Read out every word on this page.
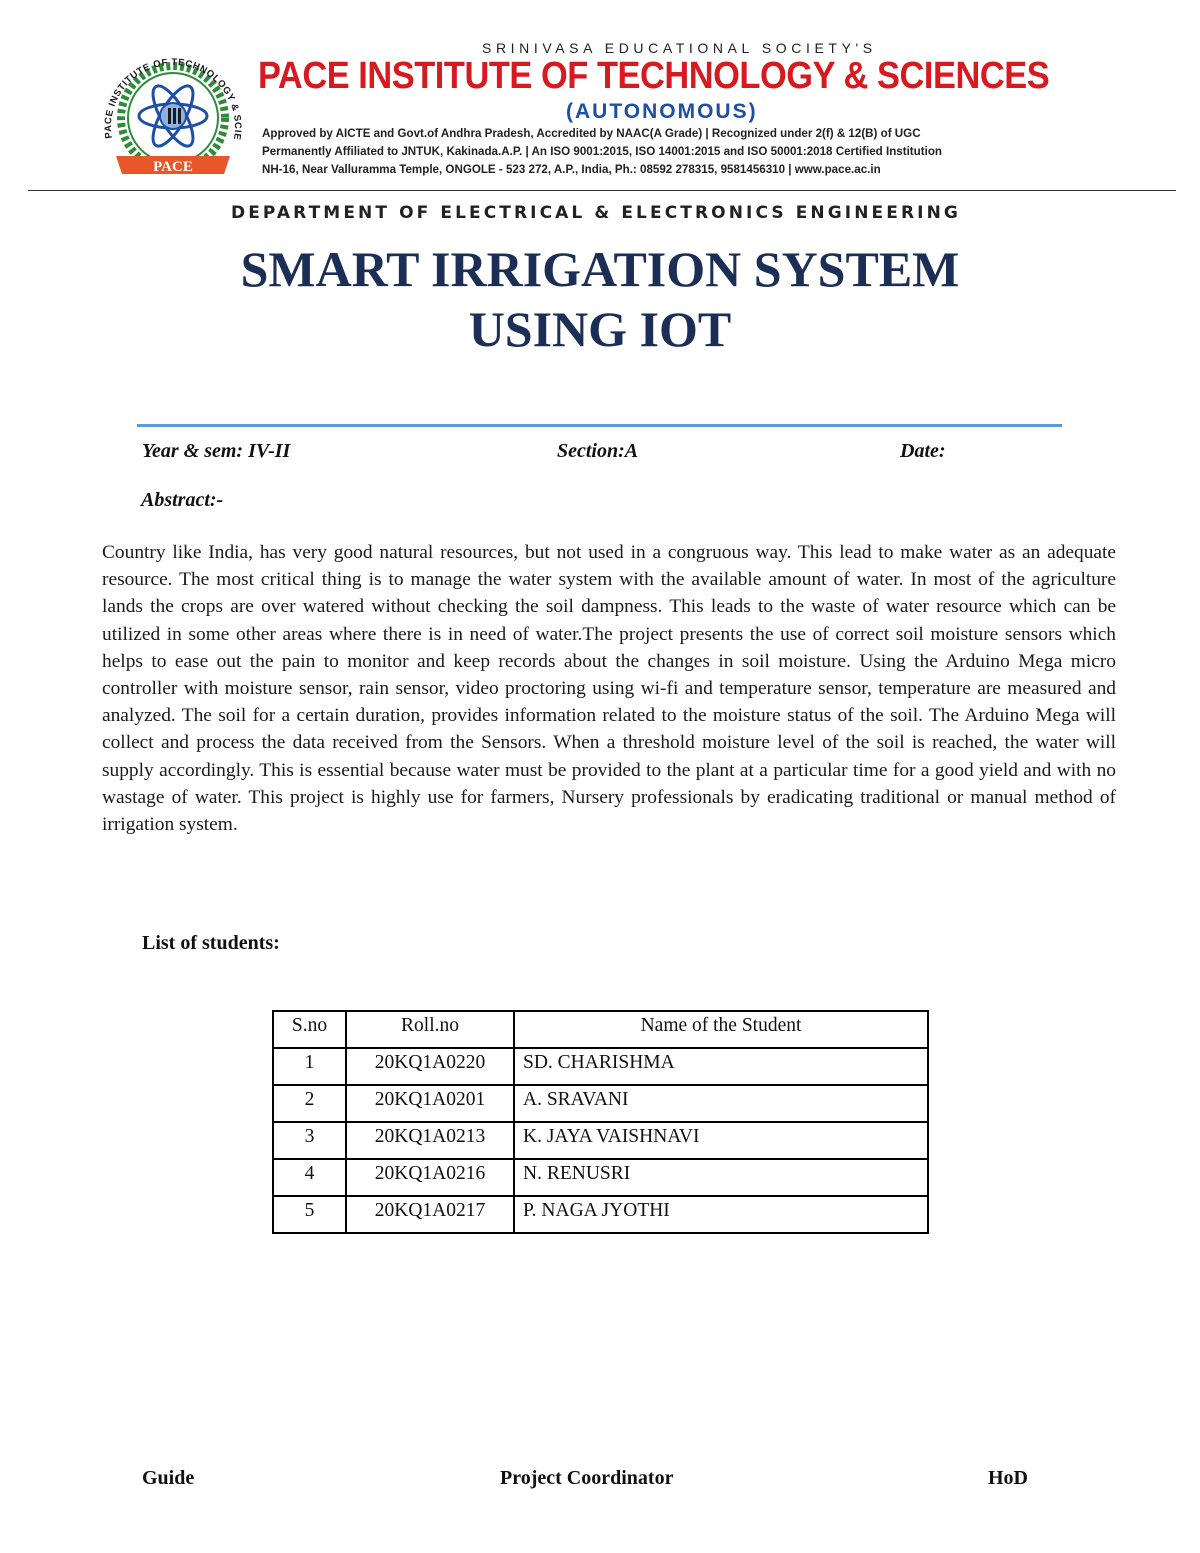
PACE INSTITUTE OF TECHNOLOGY & SCIE
PACE
SRINIVASA EDUCATIONAL SOCIETY'S
PACE INSTITUTE OF TECHNOLOGY & SCIENCES
(AUTONOMOUS)
Approved by AICTE and Govt.of Andhra Pradesh, Accredited by NAAC(A Grade) | Recognized under 2(f) & 12(B) of UGC
Permanently Affiliated to JNTUK, Kakinada.A.P. | An ISO 9001:2015, ISO 14001:2015 and ISO 50001:2018 Certified Institution
NH-16, Near Valluramma Temple, ONGOLE - 523 272, A.P., India, Ph.: 08592 278315, 9581456310 | www.pace.ac.in
DEPARTMENT OF ELECTRICAL & ELECTRONICS ENGINEERING
SMART IRRIGATION SYSTEM
USING IOT
Year & sem: IV-II	Section:A	Date:
Abstract:-
Country like India, has very good natural resources, but not used in a congruous way. This lead to make water as an adequate resource. The most critical thing is to manage the water system with the available amount of water. In most of the agriculture lands the crops are over watered without checking the soil dampness. This leads to the waste of water resource which can be utilized in some other areas where there is in need of water.The project presents the use of correct soil moisture sensors which helps to ease out the pain to monitor and keep records about the changes in soil moisture. Using the Arduino Mega micro controller with moisture sensor, rain sensor, video proctoring using wi-fi and temperature sensor, temperature are measured and analyzed. The soil for a certain duration, provides information related to the moisture status of the soil. The Arduino Mega will collect and process the data received from the Sensors. When a threshold moisture level of the soil is reached, the water will supply accordingly. This is essential because water must be provided to the plant at a particular time for a good yield and with no wastage of water. This project is highly use for farmers, Nursery professionals by eradicating traditional or manual method of irrigation system.
List of students:
S.no	Roll.no	Name of the Student
1	20KQ1A0220	SD. CHARISHMA
2	20KQ1A0201	A. SRAVANI
3	20KQ1A0213	K. JAYA VAISHNAVI
4	20KQ1A0216	N. RENUSRI
5	20KQ1A0217	P. NAGA JYOTHI
Guide	Project Coordinator	HoD
